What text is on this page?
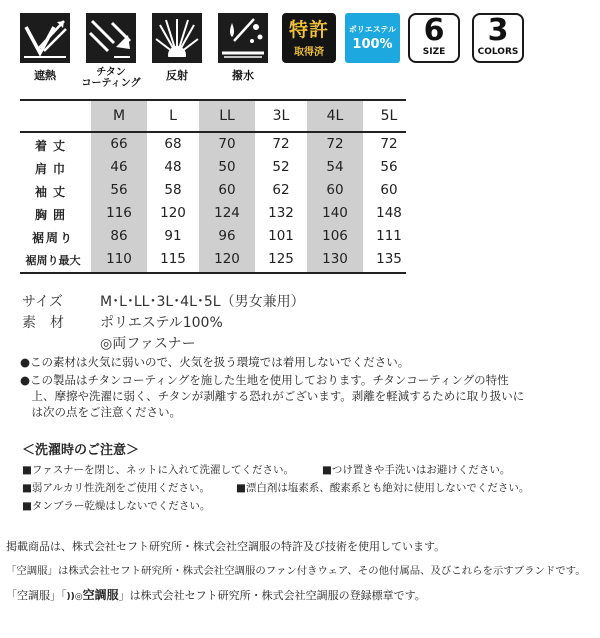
遮熱	チタン
コーティング
反射	撥水
特許
取得済
ポリエステル
100%	6
SIZE
3
COLORS
M	L	LL	3L	4L	5L
着丈	66	68	70	72	72	72
肩巾	46	48	50	52	54	56
袖丈	56	58	60	62	60	60
胸囲	116	120	124	132	140	148
裾周り	86	91	96	101	106	111
裾周り最大	110	115	120	125	130	135
サイズ	M･L･LL･3L･4L･5L（男女兼用）
素　材	ポリエステル100%
◎両ファスナー
●この素材は火気に弱いので、火気を扱う環境では着用しないでください。
●この製品はチタンコーティングを施した生地を使用しております。チタンコーティングの特性
　上、摩擦や洗濯に弱く、チタンが剥離する恐れがございます。剥離を軽減するために取り扱いに
　は次の点をご注意ください。
＜洗濯時のご注意＞
■ファスナーを閉じ、ネットに入れて洗濯してください。	■つけ置きや手洗いはお避けください。
■弱アルカリ性洗剤をご使用ください。 ■漂白剤は塩素系、酸素系とも絶対に使用しないでください。
■タンブラー乾燥はしないでください。
掲載商品は、株式会社セフト研究所・株式会社空調服の特許及び技術を使用しています。
「空調服」は株式会社セフト研究所・株式会社空調服のファン付きウェア、その他付属品、及びこれらを示すブランドです。
「空調服」「))◎空調服」は株式会社セフト研究所・株式会社空調服の登録標章です。
